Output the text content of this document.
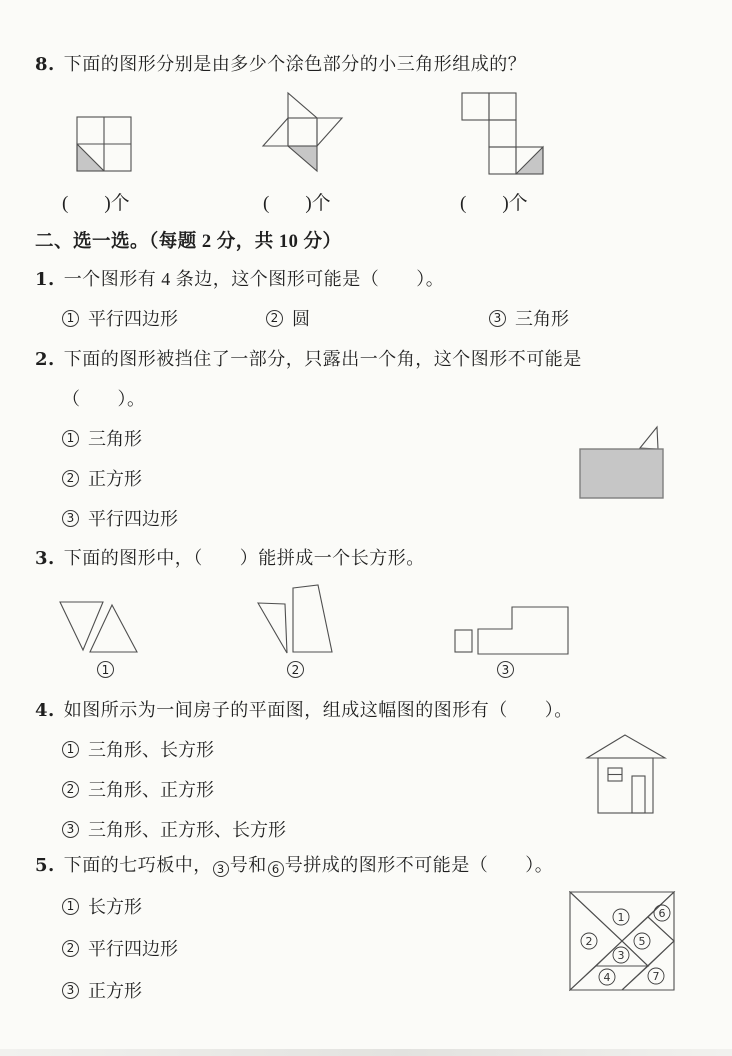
8. 下面的图形分别是由多少个涂色部分的小三角形组成的？
( )个	( )个	( )个
二、选一选。（每题 2 分，共 10 分）
1. 一个图形有 4 条边，这个图形可能是（　　）。
1 平行四边形	2 圆	3 三角形
2. 下面的图形被挡住了一部分，只露出一个角，这个图形不可能是
（　　）。
1 三角形
2 正方形
3 平行四边形
3. 下面的图形中，（　　）能拼成一个长方形。
1	2	3
4. 如图所示为一间房子的平面图，组成这幅图的图形有（　　）。
1 三角形、长方形
2 三角形、正方形
3 三角形、正方形、长方形
5. 下面的七巧板中， 3 号和 6 号拼成的图形不可能是（　　）。
1 长方形
2 平行四边形
3 正方形
1
2
3
4
5
6
7
